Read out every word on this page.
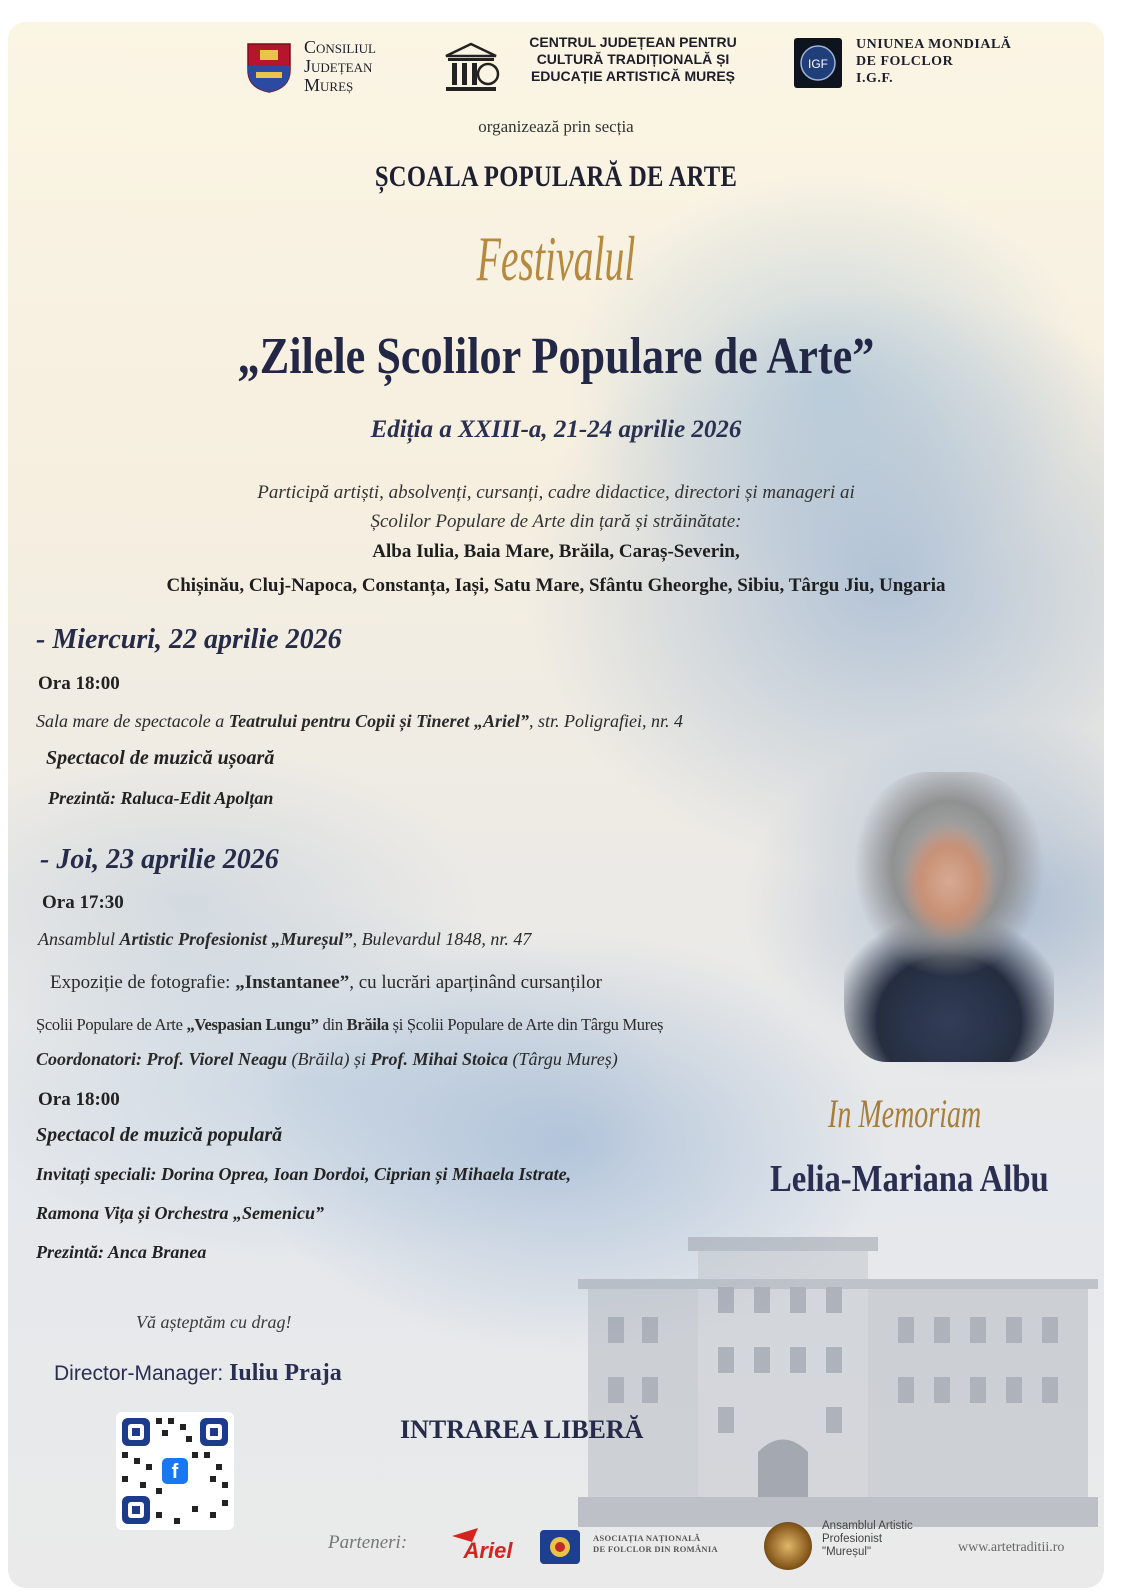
Consiliul
Județean
Mureș
CENTRUL JUDEȚEAN PENTRU
CULTURĂ TRADIȚIONALĂ ȘI
EDUCAȚIE ARTISTICĂ MUREȘ
IGF
UNIUNEA MONDIALĂ
DE FOLCLOR
I.G.F.
organizează prin secția
ȘCOALA POPULARĂ DE ARTE
Festivalul
„Zilele Școlilor Populare de Arte”
Ediția a XXIII-a, 21-24 aprilie 2026
Participă artiști, absolvenți, cursanți, cadre didactice, directori și manageri ai
Școlilor Populare de Arte din țară și străinătate:
Alba Iulia, Baia Mare, Brăila, Caraș-Severin,
Chișinău, Cluj-Napoca, Constanța, Iași, Satu Mare, Sfântu Gheorghe, Sibiu, Târgu Jiu, Ungaria
- Miercuri, 22 aprilie 2026
Ora 18:00
Sala mare de spectacole a Teatrului pentru Copii și Tineret „Ariel”, str. Poligrafiei, nr. 4
Spectacol de muzică ușoară
Prezintă: Raluca-Edit Apolțan
- Joi, 23 aprilie 2026
Ora 17:30
Ansamblul Artistic Profesionist „Mureșul”, Bulevardul 1848, nr. 47
Expoziție de fotografie: „Instantanee”, cu lucrări aparținând cursanților
Școlii Populare de Arte „Vespasian Lungu” din Brăila și Școlii Populare de Arte din Târgu Mureș
Coordonatori: Prof. Viorel Neagu (Brăila) și Prof. Mihai Stoica (Târgu Mureș)
Ora 18:00
Spectacol de muzică populară
Invitați speciali: Dorina Oprea, Ioan Dordoi, Ciprian și Mihaela Istrate,
Ramona Vița și Orchestra „Semenicu”
Prezintă: Anca Branea
In Memoriam
Lelia-Mariana Albu
Vă așteptăm cu drag!
Director-Manager: Iuliu Praja
INTRAREA LIBERĂ
f
Parteneri:	Ariel	ASOCIAȚIA NAȚIONALĂ
DE FOLCLOR DIN ROMÂNIA
Ansamblul Artistic
Profesionist
"Mureșul"	www.artetraditii.ro
